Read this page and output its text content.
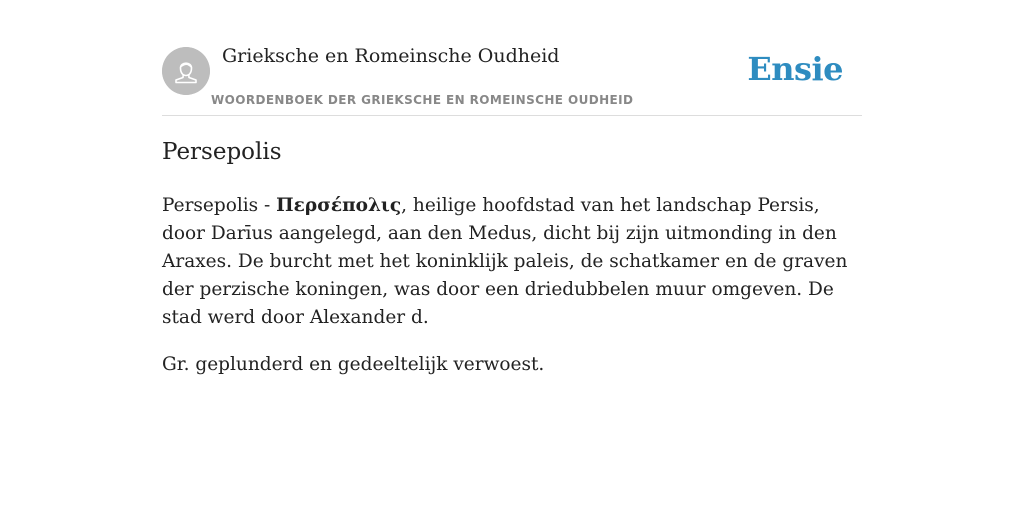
Grieksche en Romeinsche Oudheid
WOORDENBOEK DER GRIEKSCHE EN ROMEINSCHE OUDHEID
Ensie
Persepolis

Persepolis - Περσέπολις, heilige hoofdstad van het landschap Persis, door Darīus aangelegd, aan den Medus, dicht bij zijn uitmonding in den Araxes. De burcht met het koninklijk paleis, de schatkamer en de graven der perzische koningen, was door een driedubbelen muur omgeven. De stad werd door Alexander d.

Gr. geplunderd en gedeeltelijk verwoest.
